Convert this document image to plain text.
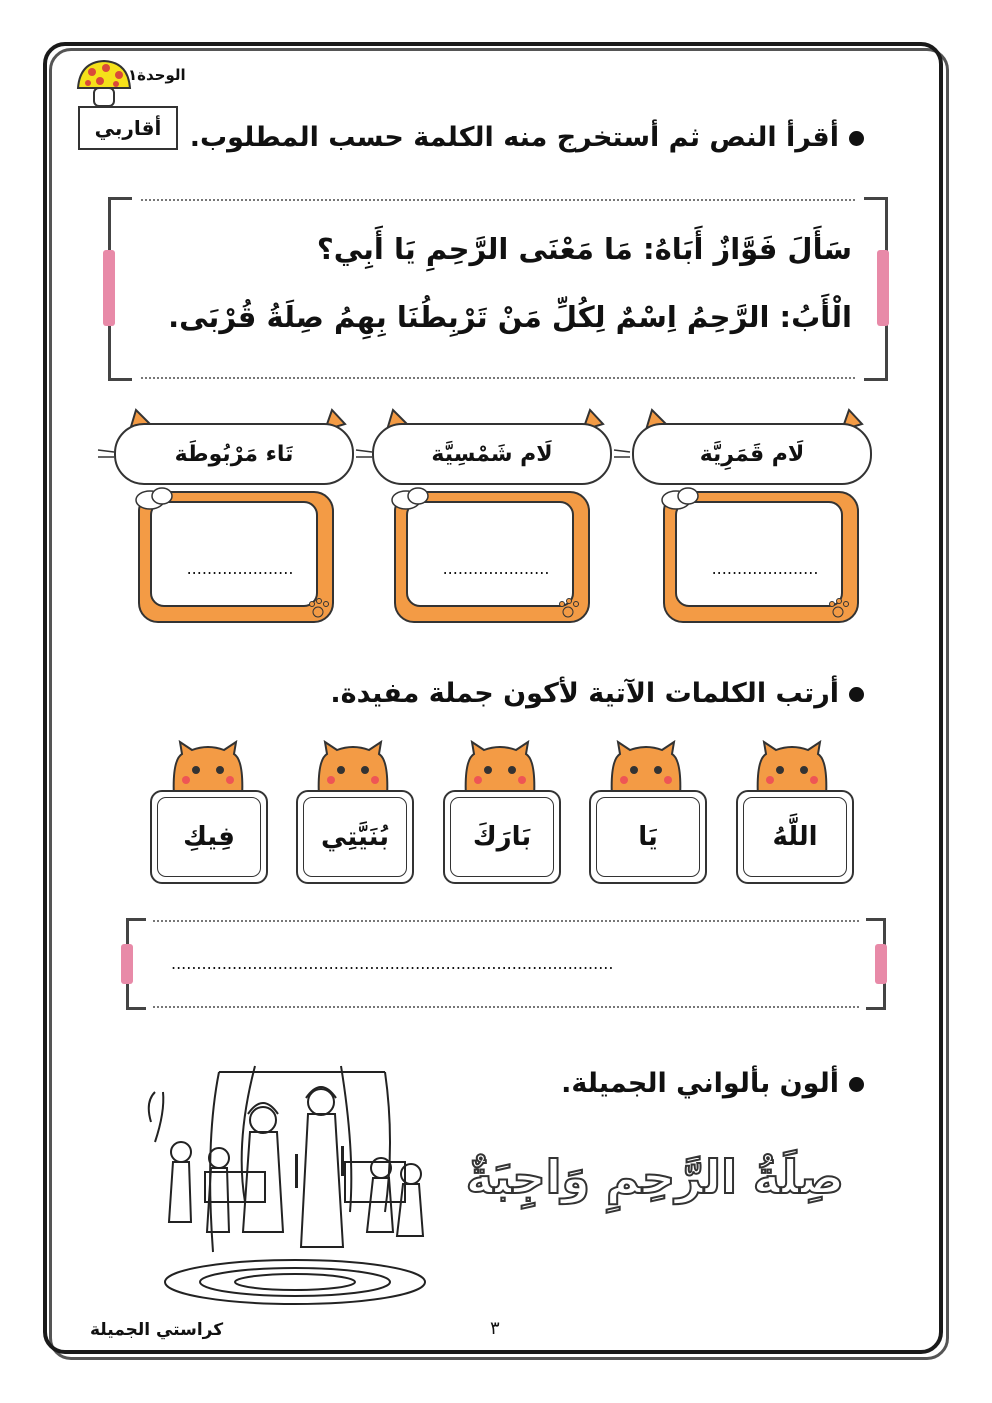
الوحدة١
أقاربي أقرأ النص ثم أستخرج منه الكلمة حسب المطلوب.
سَأَلَ فَوَّازٌ أَبَاهُ: مَا مَعْنَى الرَّحِمِ يَا أَبِي؟
الْأَبُ: الرَّحِمُ اِسْمٌ لِكُلِّ مَنْ تَرْبِطُنَا بِهِمُ صِلَةُ قُرْبَى.
تَاء مَرْبُوطَة	لَام شَمْسِيَّة	لَام قَمَرِيَّة
.....................	.....................	.....................
أرتب الكلمات الآتية لأكون جملة مفيدة.
فِيكِ	بُنَيَّتِي	بَارَكَ	يَا	اللَّهُ
.......................................................................................
ألون بألواني الجميلة.
صِلَةُ الرَّحِمِ وَاجِبَةٌ
٣
كراستي الجميلة
